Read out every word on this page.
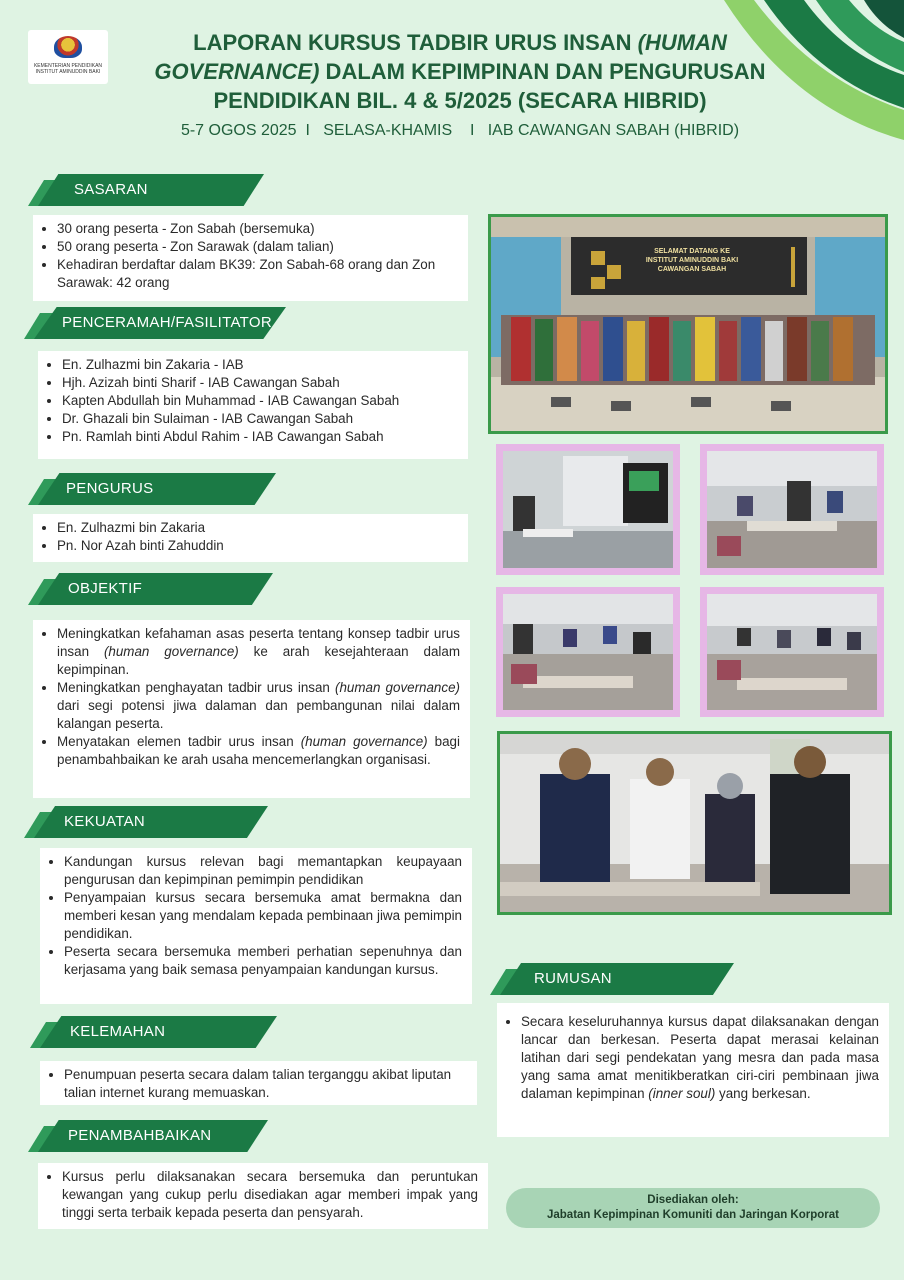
KEMENTERIAN PENDIDIKAN INSTITUT AMINUDDIN BAKI
LAPORAN KURSUS TADBIR URUS INSAN (HUMAN GOVERNANCE) DALAM KEPIMPINAN DAN PENGURUSAN PENDIDIKAN BIL. 4 & 5/2025 (SECARA HIBRID)
5-7 OGOS 2025  I   SELASA-KHAMIS    I   IAB CAWANGAN SABAH (HIBRID)
SASARAN
• 30 orang peserta - Zon Sabah (bersemuka)
• 50 orang peserta - Zon Sarawak (dalam talian)
• Kehadiran berdaftar dalam BK39: Zon Sabah-68 orang dan Zon Sarawak: 42 orang
PENCERAMAH/FASILITATOR
• En. Zulhazmi bin Zakaria - IAB
• Hjh. Azizah binti Sharif - IAB Cawangan Sabah
• Kapten Abdullah bin Muhammad - IAB Cawangan Sabah
• Dr. Ghazali bin Sulaiman - IAB Cawangan Sabah
• Pn. Ramlah binti Abdul Rahim - IAB Cawangan Sabah
PENGURUS
• En. Zulhazmi bin Zakaria
• Pn. Nor Azah binti Zahuddin
OBJEKTIF
• Meningkatkan kefahaman asas peserta tentang konsep tadbir urus insan (human governance) ke arah kesejahteraan dalam kepimpinan.
• Meningkatkan penghayatan tadbir urus insan (human governance) dari segi potensi jiwa dalaman dan pembangunan nilai dalam kalangan peserta.
• Menyatakan elemen tadbir urus insan (human governance) bagi penambahbaikan ke arah usaha mencemerlangkan organisasi.
KEKUATAN
• Kandungan kursus relevan bagi memantapkan keupayaan pengurusan dan kepimpinan pemimpin pendidikan
• Penyampaian kursus secara bersemuka amat bermakna dan memberi kesan yang mendalam kepada pembinaan jiwa pemimpin pendidikan.
• Peserta secara bersemuka memberi perhatian sepenuhnya dan kerjasama yang baik semasa penyampaian kandungan kursus.
KELEMAHAN
• Penumpuan peserta secara dalam talian terganggu akibat liputan talian internet kurang memuaskan.
PENAMBAHBAIKAN
• Kursus perlu dilaksanakan secara bersemuka dan peruntukan kewangan yang cukup perlu disediakan agar memberi impak yang tinggi serta terbaik kepada peserta dan pensyarah.
RUMUSAN
• Secara keseluruhannya kursus dapat dilaksanakan dengan lancar dan berkesan. Peserta dapat merasai kelainan latihan dari segi pendekatan yang mesra dan pada masa yang sama amat menitikberatkan ciri-ciri pembinaan jiwa dalaman kepimpinan (inner soul) yang berkesan.
SELAMAT DATANG KE
INSTITUT AMINUDDIN BAKI
CAWANGAN SABAH
Disediakan oleh:
Jabatan Kepimpinan Komuniti dan Jaringan Korporat
